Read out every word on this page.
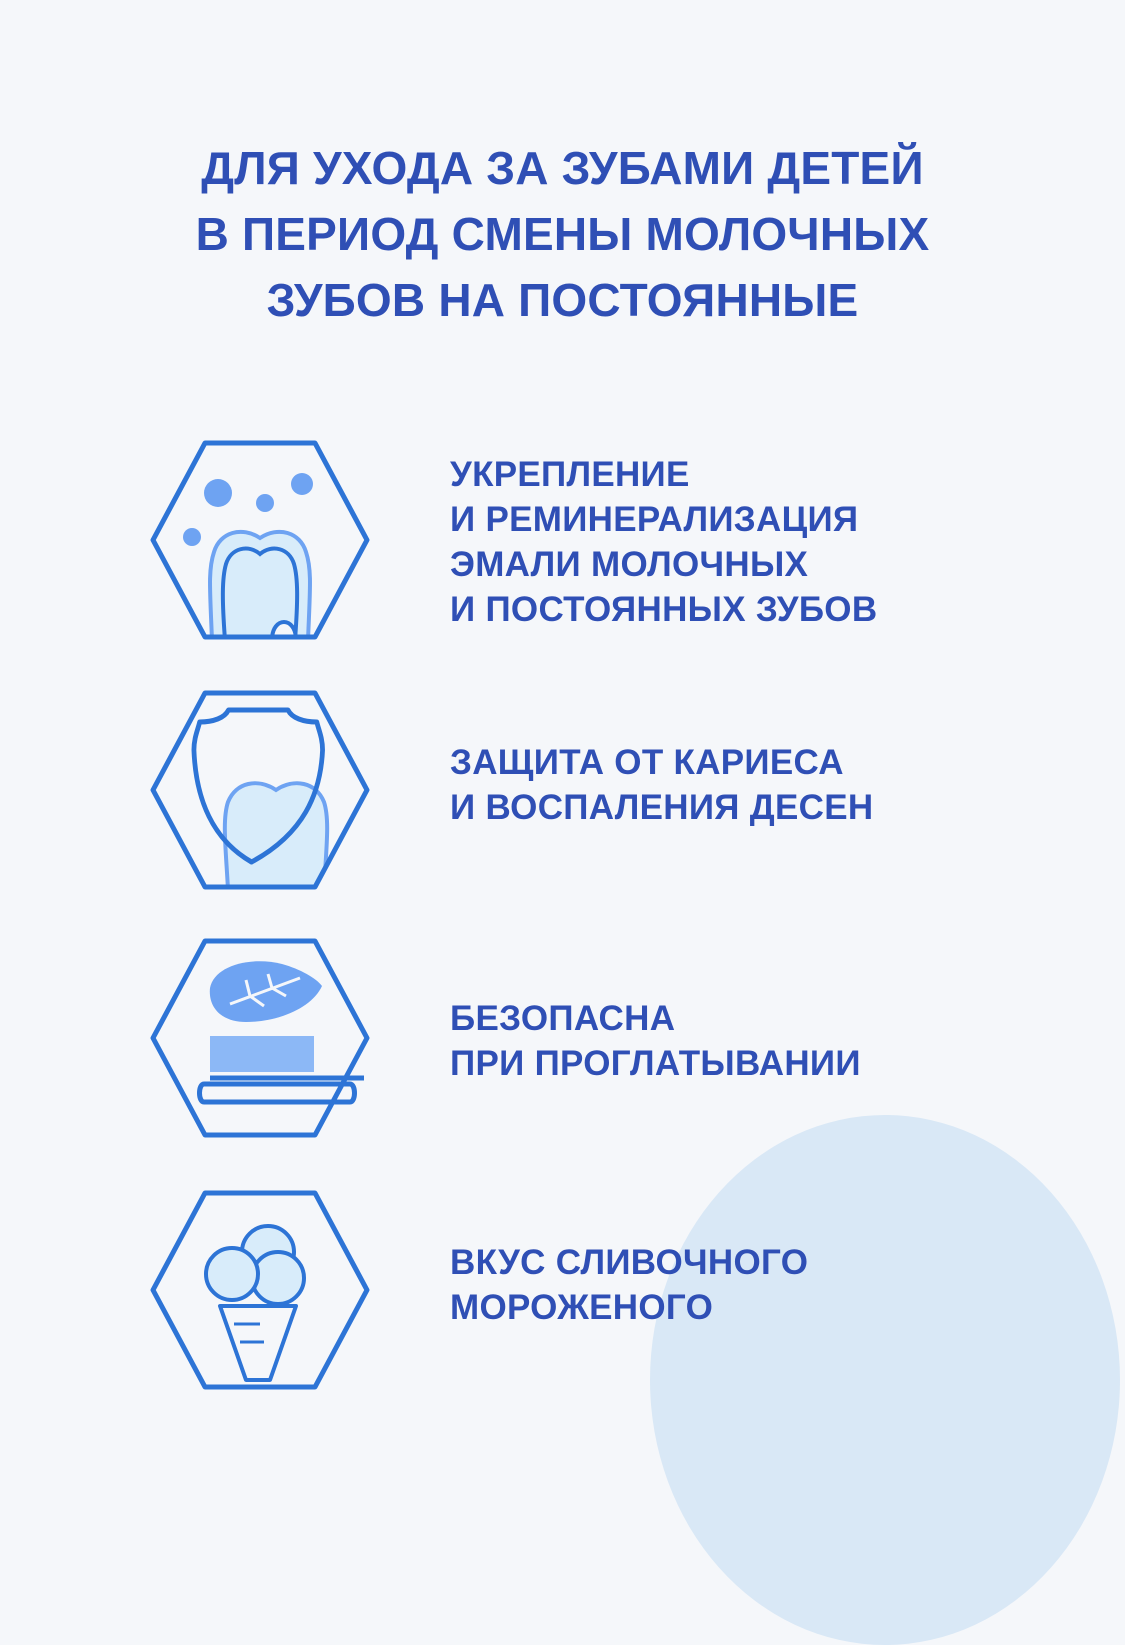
ДЛЯ УХОДА ЗА ЗУБАМИ ДЕТЕЙ
В ПЕРИОД СМЕНЫ МОЛОЧНЫХ
ЗУБОВ НА ПОСТОЯННЫЕ
УКРЕПЛЕНИЕ
И РЕМИНЕРАЛИЗАЦИЯ
ЭМАЛИ МОЛОЧНЫХ
И ПОСТОЯННЫХ ЗУБОВ
ЗАЩИТА ОТ КАРИЕСА
И ВОСПАЛЕНИЯ ДЕСЕН
БЕЗОПАСНА
ПРИ ПРОГЛАТЫВАНИИ
ВКУС СЛИВОЧНОГО
МОРОЖЕНОГО
